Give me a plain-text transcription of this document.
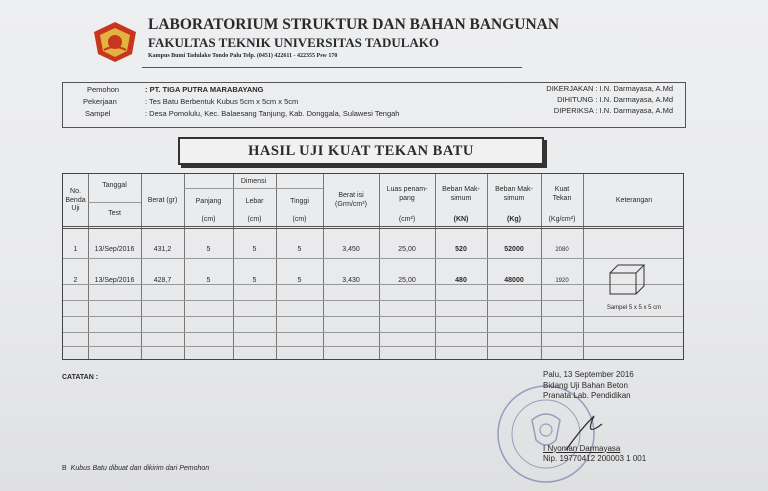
LABORATORIUM STRUKTUR DAN BAHAN BANGUNAN
FAKULTAS TEKNIK UNIVERSITAS TADULAKO
Kampus Bumi Tadulako Tondo Palu Telp. (0451) 422611 - 422355 Psw 170
Pemohon	: PT. TIGA PUTRA MARABAYANG
Pekerjaan	: Tes Batu Berbentuk Kubus 5cm x 5cm x 5cm
Sampel	: Desa Pomolulu, Kec. Balaesang Tanjung, Kab. Donggala, Sulawesi Tengah
DIKERJAKAN : I.N. Darmayasa, A.Md
DIHITUNG : I.N. Darmayasa, A.Md
DIPERIKSA : I.N. Darmayasa, A.Md
HASIL UJI KUAT TEKAN BATU
No.
Benda
Uji
Tanggal
Test
Berat (gr)
Dimensi
Panjang	Lebar	Tinggi
(cm)	(cm)	(cm)
Berat isi
(Grm/cm³)
Luas penam-
pang
(cm²)
Beban Mak-
simum
(KN)
Beban Mak-
simum
(Kg)
Kuat
Tekan
(Kg/cm²)
Keterangan
1	13/Sep/2016	431,2	5	5	5	3,450	25,00	520	52000	2080
2	13/Sep/2016	428,7	5	5	5	3,430	25,00	480	48000	1920
Sampel 5 x 5 x 5 cm
CATATAN :	Palu, 13 September 2016
Bidang Uji Bahan Beton
Pranata Lab. Pendidikan
I Nyoman Darmayasa
Nip. 19770412 200003 1 001
B Kubus Batu dibuat dan dikirim dari Pemohon
